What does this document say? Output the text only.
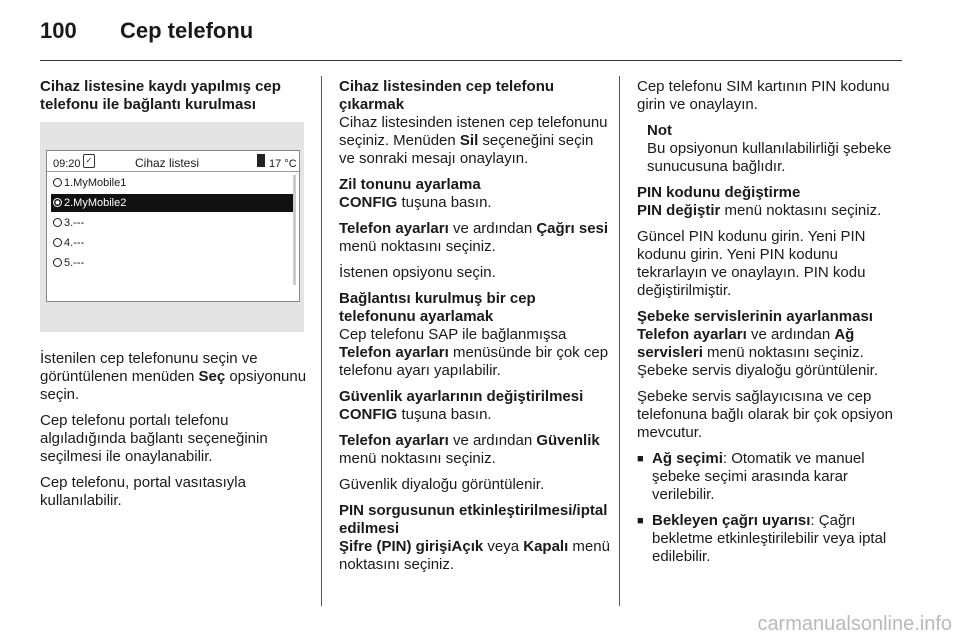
100 Cep telefonu

Cihaz listesine kaydı yapılmış cep telefonu ile bağlantı kurulması

09:20 ✓	Cihaz listesi	17 °C
1.MyMobile1
2.MyMobile2
3.---
4.---
5.---

İstenilen cep telefonunu seçin ve görüntülenen menüden Seç opsiyonunu seçin.

Cep telefonu portalı telefonu algıladığında bağlantı seçeneğinin seçilmesi ile onaylanabilir.

Cep telefonu, portal vasıtasıyla kullanılabilir.

Cihaz listesinden cep telefonu çıkarmak

Cihaz listesinden istenen cep telefonunu seçiniz. Menüden Sil seçeneğini seçin ve sonraki mesajı onaylayın.

Zil tonunu ayarlama

CONFIG tuşuna basın.

Telefon ayarları ve ardından Çağrı sesi menü noktasını seçiniz.

İstenen opsiyonu seçin.

Bağlantısı kurulmuş bir cep telefonunu ayarlamak

Cep telefonu SAP ile bağlanmışsa Telefon ayarları menüsünde bir çok cep telefonu ayarı yapılabilir.

Güvenlik ayarlarının değiştirilmesi

CONFIG tuşuna basın.

Telefon ayarları ve ardından Güvenlik menü noktasını seçiniz.

Güvenlik diyaloğu görüntülenir.

PIN sorgusunun etkinleştirilmesi/iptal edilmesi

Şifre (PIN) girişiAçık veya Kapalı menü noktasını seçiniz.

Cep telefonu SIM kartının PIN kodunu girin ve onaylayın.

Not
Bu opsiyonun kullanılabilirliği şebeke sunucusuna bağlıdır.

PIN kodunu değiştirme

PIN değiştir menü noktasını seçiniz.

Güncel PIN kodunu girin. Yeni PIN kodunu girin. Yeni PIN kodunu tekrarlayın ve onaylayın. PIN kodu değiştirilmiştir.

Şebeke servislerinin ayarlanması

Telefon ayarları ve ardından Ağ servisleri menü noktasını seçiniz. Şebeke servis diyaloğu görüntülenir.

Şebeke servis sağlayıcısına ve cep telefonuna bağlı olarak bir çok opsiyon mevcutur.

■ Ağ seçimi: Otomatik ve manuel şebeke seçimi arasında karar verilebilir.
■ Bekleyen çağrı uyarısı: Çağrı bekletme etkinleştirilebilir veya iptal edilebilir.
carmanualsonline.info
